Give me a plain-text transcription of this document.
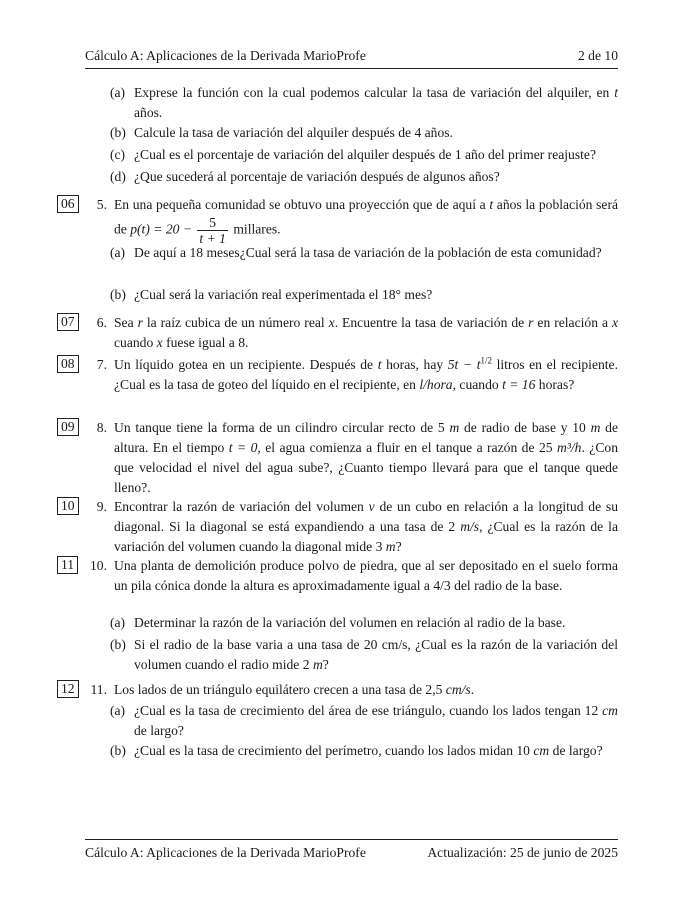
Cálculo A: Aplicaciones de la Derivada MarioProfe	2 de 10
(a) Exprese la función con la cual podemos calcular la tasa de variación del alquiler, en t años.
(b) Calcule la tasa de variación del alquiler después de 4 años.
(c) ¿Cual es el porcentaje de variación del alquiler después de 1 año del primer reajuste?
(d) ¿Que sucederá al porcentaje de variación después de algunos años?
06	5. En una pequeña comunidad se obtuvo una proyección que de aquí a t años la población será de $p(t) = 20 - \frac{5}{t + 1}$ millares.
(a) De aquí a 18 meses¿Cual será la tasa de variación de la población de esta comunidad?
(b) ¿Cual será la variación real experimentada el 18° mes?
07	6. Sea r la raíz cubica de un número real x. Encuentre la tasa de variación de r en relación a x cuando x fuese igual a 8.
08	7. Un líquido gotea en un recipiente. Después de t horas, hay $5t - t^{1/2}$ litros en el recipiente.¿Cual es la tasa de goteo del líquido en el recipiente, en l/hora, cuando t = 16 horas?
09	8. Un tanque tiene la forma de un cilindro circular recto de 5 m de radio de base y 10 m de altura. En el tiempo t = 0, el agua comienza a fluir en el tanque a razón de 25 m³/h. ¿Con que velocidad el nivel del agua sube?, ¿Cuanto tiempo llevará para que el tanque quede lleno?.
10	9. Encontrar la razón de variación del volumen v de un cubo en relación a la longitud de su diagonal. Si la diagonal se está expandiendo a una tasa de 2 m/s, ¿Cual es la razón de la variación del volumen cuando la diagonal mide 3 m?
11	10. Una planta de demolición produce polvo de piedra, que al ser depositado en el suelo forma un pila cónica donde la altura es aproximadamente igual a 4/3 del radio de la base.
(a) Determinar la razón de la variación del volumen en relación al radio de la base.
(b) Si el radio de la base varia a una tasa de 20 cm/s, ¿Cual es la razón de la variación del volumen cuando el radio mide 2 m?
12	11. Los lados de un triángulo equilátero crecen a una tasa de 2,5 cm/s.
(a) ¿Cual es la tasa de crecimiento del área de ese triángulo, cuando los lados tengan 12 cm de largo?
(b) ¿Cual es la tasa de crecimiento del perímetro, cuando los lados midan 10 cm de largo?
Cálculo A: Aplicaciones de la Derivada MarioProfe	Actualización: 25 de junio de 2025
